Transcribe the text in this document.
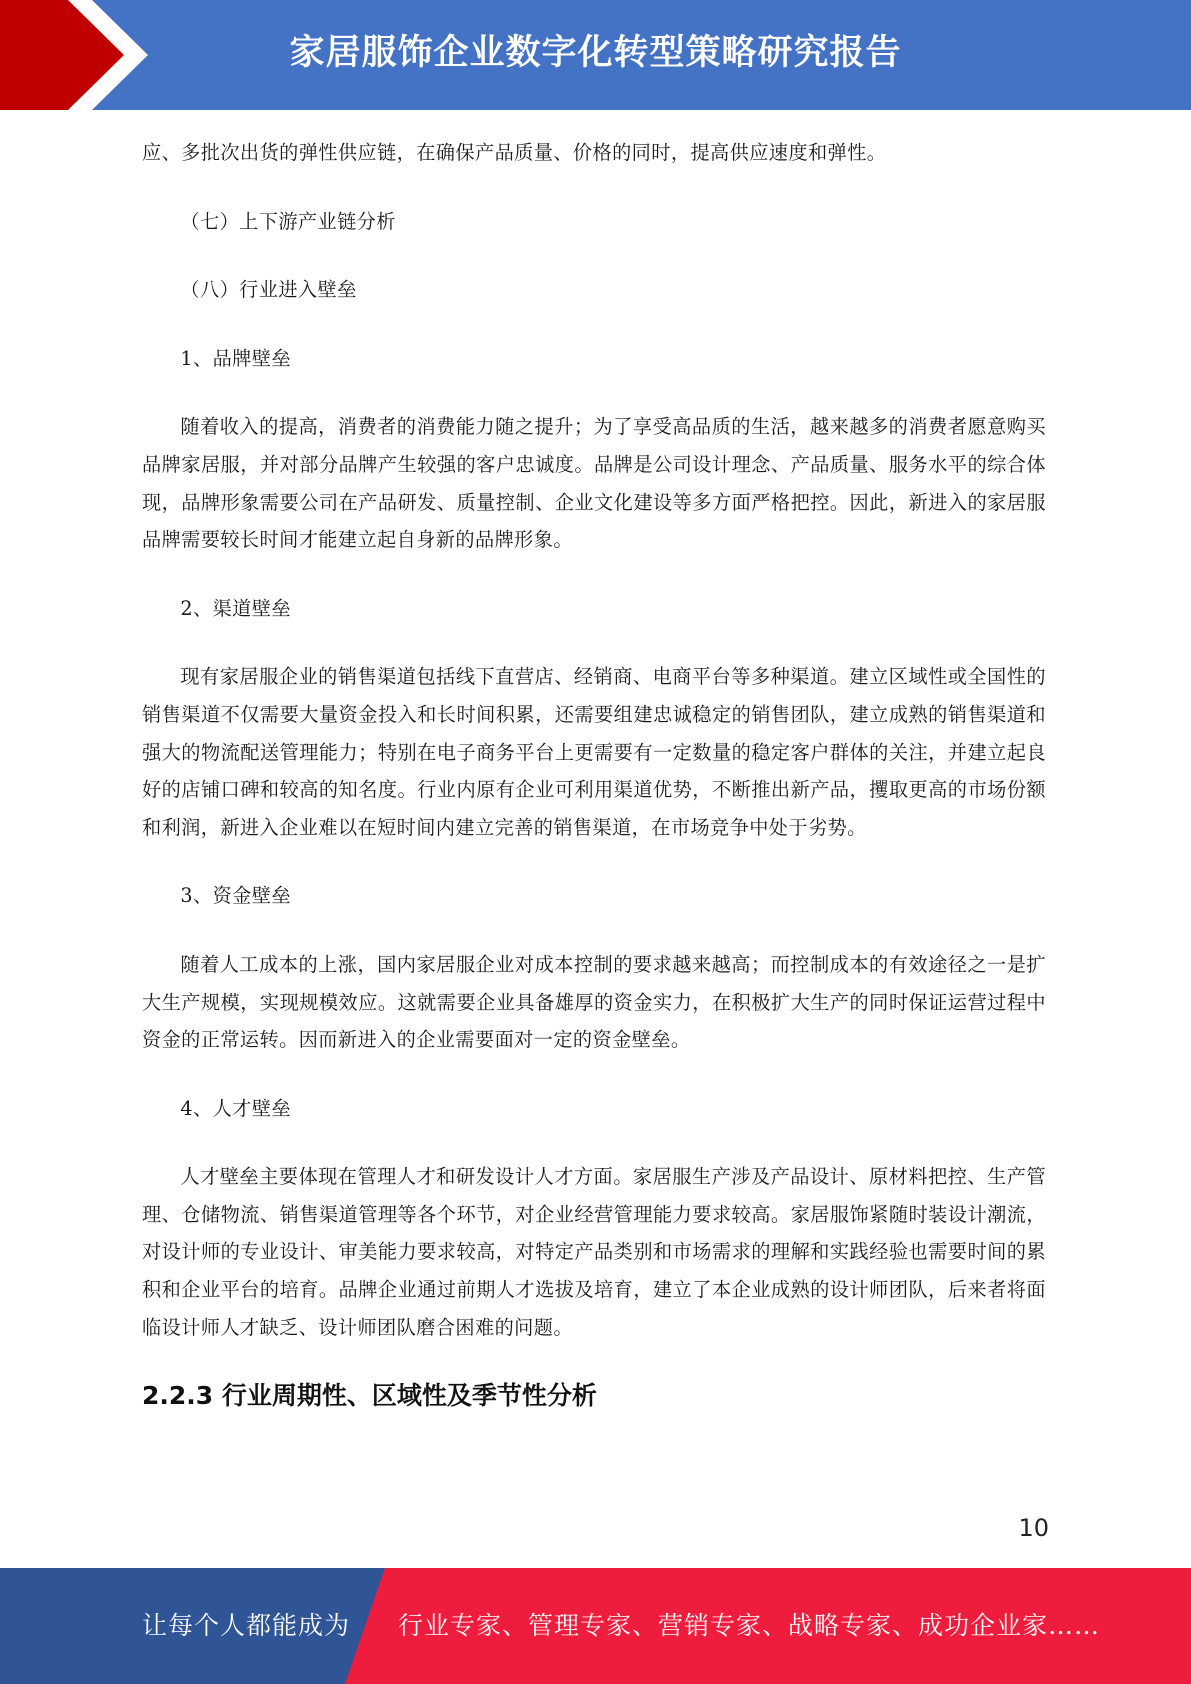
家居服饰企业数字化转型策略研究报告

应、多批次出货的弹性供应链，在确保产品质量、价格的同时，提高供应速度和弹性。

（七）上下游产业链分析

（八）行业进入壁垒

1、品牌壁垒

随着收入的提高，消费者的消费能力随之提升；为了享受高品质的生活，越来越多的消费者愿意购买品牌家居服，并对部分品牌产生较强的客户忠诚度。品牌是公司设计理念、产品质量、服务水平的综合体现，品牌形象需要公司在产品研发、质量控制、企业文化建设等多方面严格把控。因此，新进入的家居服品牌需要较长时间才能建立起自身新的品牌形象。

2、渠道壁垒

现有家居服企业的销售渠道包括线下直营店、经销商、电商平台等多种渠道。建立区域性或全国性的销售渠道不仅需要大量资金投入和长时间积累，还需要组建忠诚稳定的销售团队，建立成熟的销售渠道和强大的物流配送管理能力；特别在电子商务平台上更需要有一定数量的稳定客户群体的关注，并建立起良好的店铺口碑和较高的知名度。行业内原有企业可利用渠道优势，不断推出新产品，攫取更高的市场份额和利润，新进入企业难以在短时间内建立完善的销售渠道，在市场竞争中处于劣势。

3、资金壁垒

随着人工成本的上涨，国内家居服企业对成本控制的要求越来越高；而控制成本的有效途径之一是扩大生产规模，实现规模效应。这就需要企业具备雄厚的资金实力，在积极扩大生产的同时保证运营过程中资金的正常运转。因而新进入的企业需要面对一定的资金壁垒。

4、人才壁垒

人才壁垒主要体现在管理人才和研发设计人才方面。家居服生产涉及产品设计、原材料把控、生产管理、仓储物流、销售渠道管理等各个环节，对企业经营管理能力要求较高。家居服饰紧随时装设计潮流，对设计师的专业设计、审美能力要求较高，对特定产品类别和市场需求的理解和实践经验也需要时间的累积和企业平台的培育。品牌企业通过前期人才选拔及培育，建立了本企业成熟的设计师团队，后来者将面临设计师人才缺乏、设计师团队磨合困难的问题。

2.2.3 行业周期性、区域性及季节性分析

10
让每个人都能成为 行业专家、管理专家、营销专家、战略专家、成功企业家……
